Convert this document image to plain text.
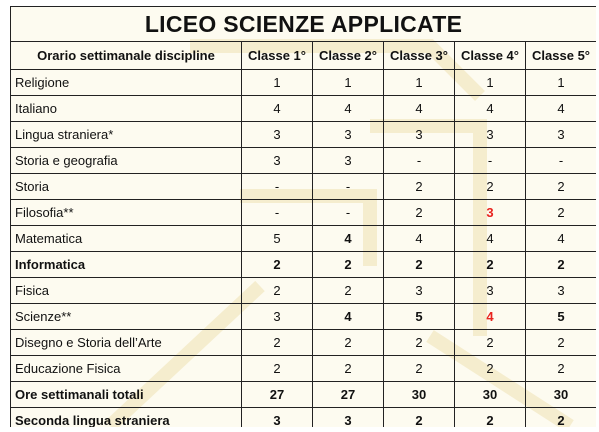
LICEO SCIENZE APPLICATE					
Orario settimanale discipline	Classe 1°	Classe 2°	Classe 3°	Classe 4°	Classe 5°
Religione	1	1	1	1	1
Italiano	4	4	4	4	4
Lingua straniera*	3	3	3	3	3
Storia e geografia	3	3	-	-	-
Storia	-	-	2	2	2
Filosofia**	-	-	2	3	2
Matematica	5	4	4	4	4
Informatica	2	2	2	2	2
Fisica	2	2	3	3	3
Scienze**	3	4	5	4	5
Disegno e Storia dell’Arte	2	2	2	2	2
Educazione Fisica	2	2	2	2	2
Ore settimanali totali	27	27	30	30	30
Seconda lingua straniera	3	3	2	2	2
